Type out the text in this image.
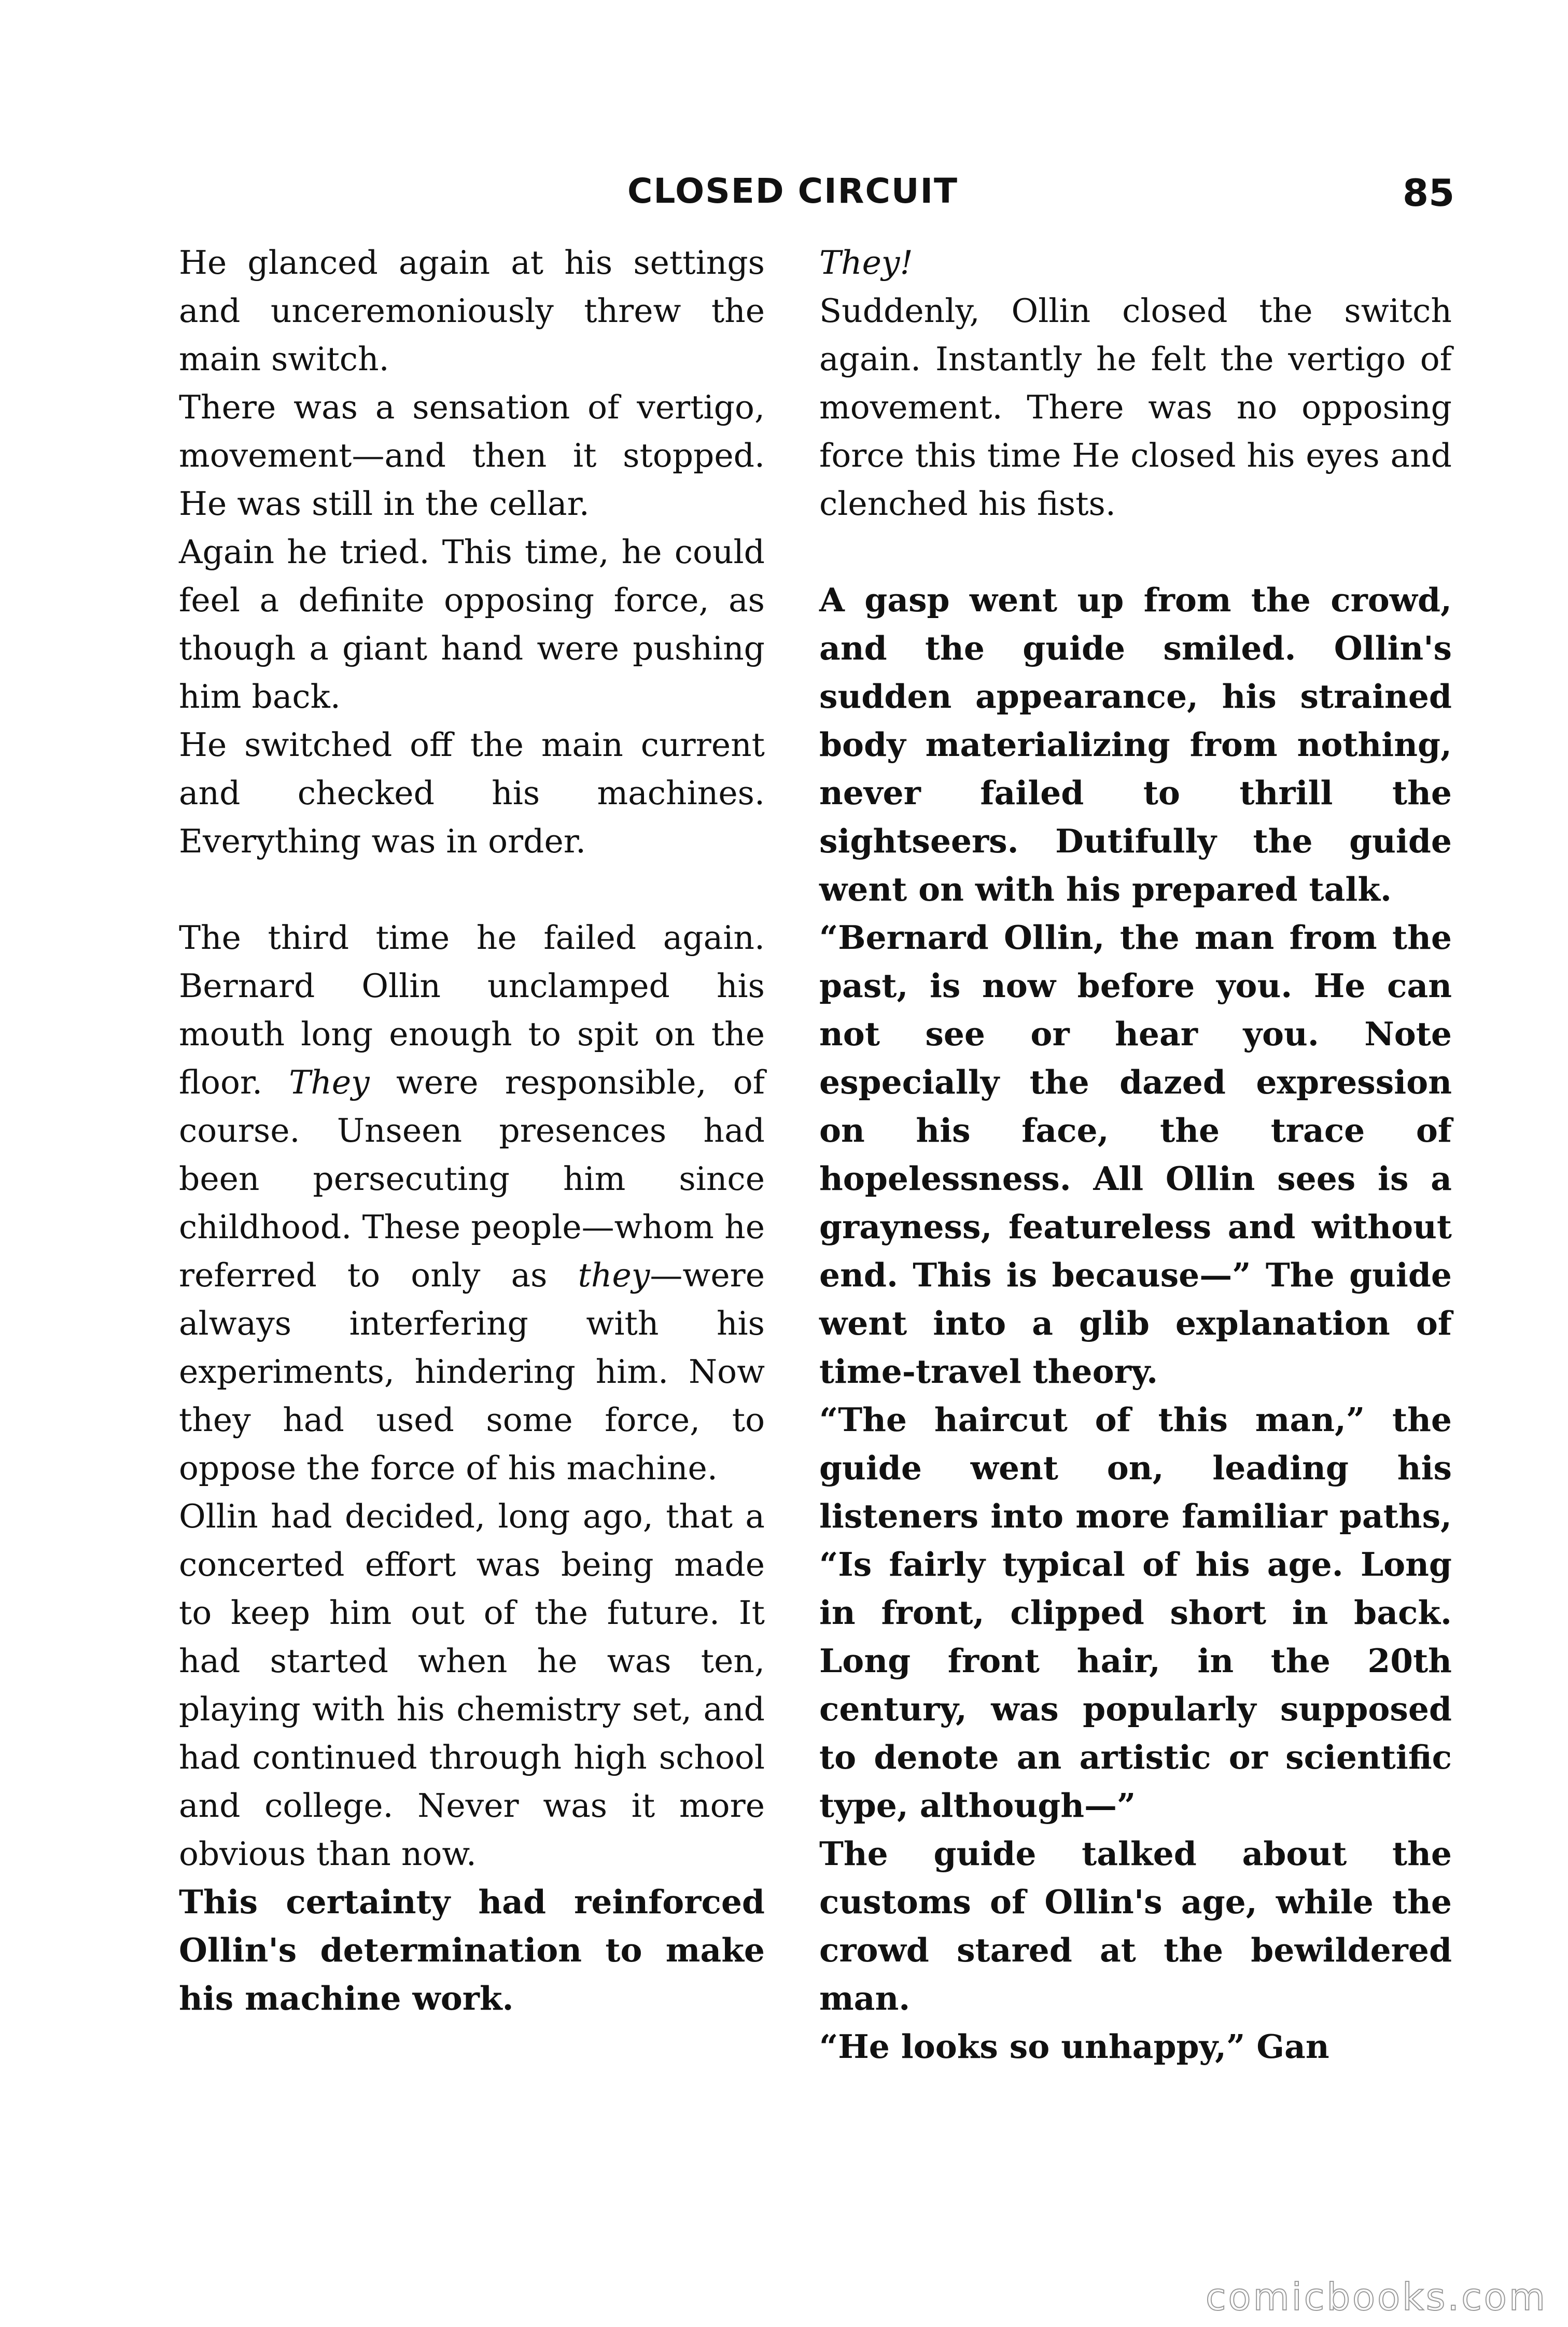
CLOSED CIRCUIT	85

He glanced again at his settings and unceremoniously threw the main switch.

There was a sensation of vertigo, movement—and then it stopped. He was still in the cellar.

Again he tried. This time, he could feel a definite opposing force, as though a giant hand were pushing him back.

He switched off the main current and checked his machines. Everything was in order.

The third time he failed again. Bernard Ollin unclamped his mouth long enough to spit on the floor. They were responsible, of course. Unseen presences had been persecuting him since childhood. These people—whom he referred to only as they—were always interfering with his experiments, hindering him. Now they had used some force, to oppose the force of his machine.

Ollin had decided, long ago, that a concerted effort was being made to keep him out of the future. It had started when he was ten, playing with his chemistry set, and had continued through high school and college. Never was it more obvious than now.

This certainty had reinforced Ollin's determination to make his machine work.

They!

Suddenly, Ollin closed the switch again. Instantly he felt the vertigo of movement. There was no opposing force this time He closed his eyes and clenched his fists.

A gasp went up from the crowd, and the guide smiled. Ollin's sudden appearance, his strained body materializing from nothing, never failed to thrill the sightseers. Dutifully the guide went on with his prepared talk.

“Bernard Ollin, the man from the past, is now before you. He can not see or hear you. Note especially the dazed expression on his face, the trace of hopelessness. All Ollin sees is a grayness, featureless and without end. This is because—” The guide went into a glib explanation of time-travel theory.

“The haircut of this man,” the guide went on, leading his listeners into more familiar paths, “Is fairly typical of his age. Long in front, clipped short in back. Long front hair, in the 20th century, was popularly supposed to denote an artistic or scientific type, although—”

The guide talked about the customs of Ollin's age, while the crowd stared at the bewildered man.

“He looks so unhappy,” Gan

comicbooks.com
